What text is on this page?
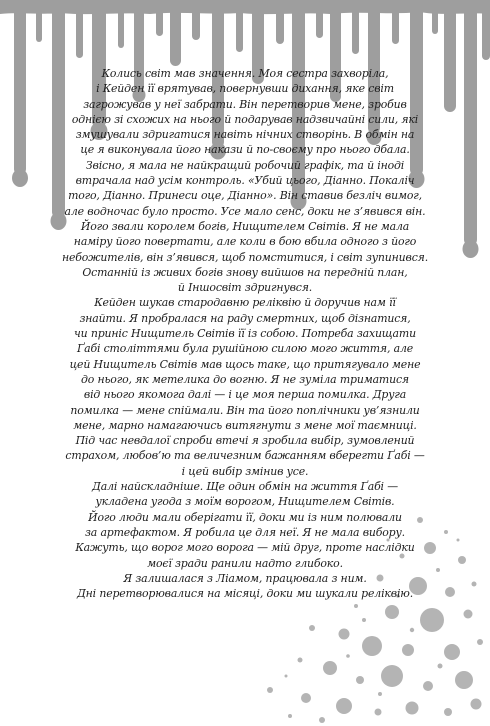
Колись світ мав значення. Моя сестра захворіла,
і Кейден її врятував, повернувши дихання, яке світ
загрожував у неї забрати. Він перетворив мене, зробив
однією зі схожих на нього й подарував надзвичайні сили, які
змушували здригатися навіть нічних створінь. В обмін на
це я виконувала його накази й по-своєму про нього дбала.
Звісно, я мала не найкращий робочий графік, та й іноді
втрачала над усім контроль. «Убий цього, Діанно. Покаліч
того, Діанно. Принеси оце, Діанно». Він ставив безліч вимог,
але водночас було просто. Усе мало сенс, доки не з’явився він.
Його звали королем богів, Нищителем Світів. Я не мала
наміру його повертати, але коли в бою вбила одного з його
небожителів, він з’явився, щоб помститися, і світ зупинився.
Останній із живих богів знову вийшов на передній план,
й Іншосвіт здригнувся.
Кейден шукав стародавню реліквію й доручив нам її
знайти. Я пробралася на раду смертних, щоб дізнатися,
чи приніс Нищитель Світів її із собою. Потреба захищати
Ґабі століттями була рушійною силою мого життя, але
цей Нищитель Світів мав щось таке, що притягувало мене
до нього, як метелика до вогню. Я не зуміла триматися
від нього якомога далі — і це моя перша помилка. Друга
помилка — мене спіймали. Він та його поплічники ув’язнили
мене, марно намагаючись витягнути з мене мої таємниці.
Під час невдалої спроби втечі я зробила вибір, зумовлений
страхом, любов’ю та величезним бажанням вберегти Ґабі —
і цей вибір змінив усе.
Далі найскладніше. Ще один обмін на життя Ґабі —
укладена угода з моїм ворогом, Нищителем Світів.
Його люди мали оберігати її, доки ми із ним полювали
за артефактом. Я робила це для неї. Я не мала вибору.
Кажуть, що ворог мого ворога — мій друг, проте наслідки
моєї зради ранили надто глибоко.
Я залишалася з Ліамом, працювала з ним.
Дні перетворювалися на місяці, доки ми шукали реліквію.
